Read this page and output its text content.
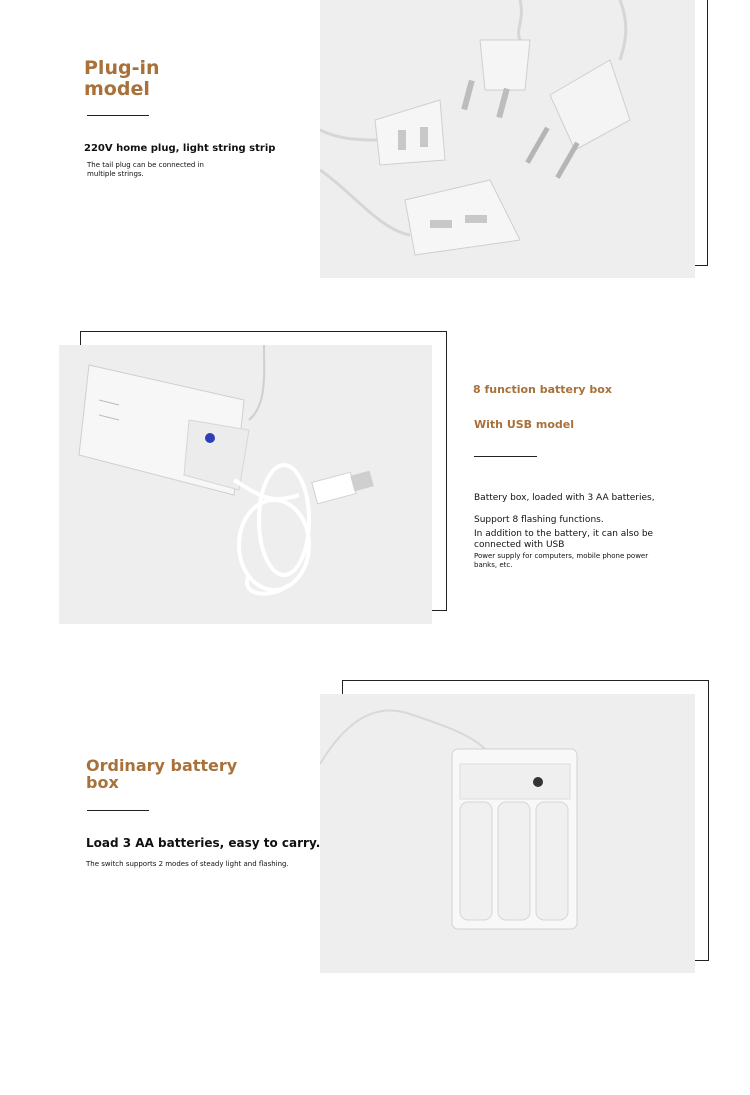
Plug-in
model
220V home plug, light string strip
The tail plug can be connected in
multiple strings.
8 function battery box
With USB model
Battery box, loaded with 3 AA batteries,
Support 8 flashing functions.
In addition to the battery, it can also be
connected with USB
Power supply for computers, mobile phone power
banks, etc.
Ordinary battery
box
Load 3 AA batteries, easy to carry.
The switch supports 2 modes of steady light and flashing.
